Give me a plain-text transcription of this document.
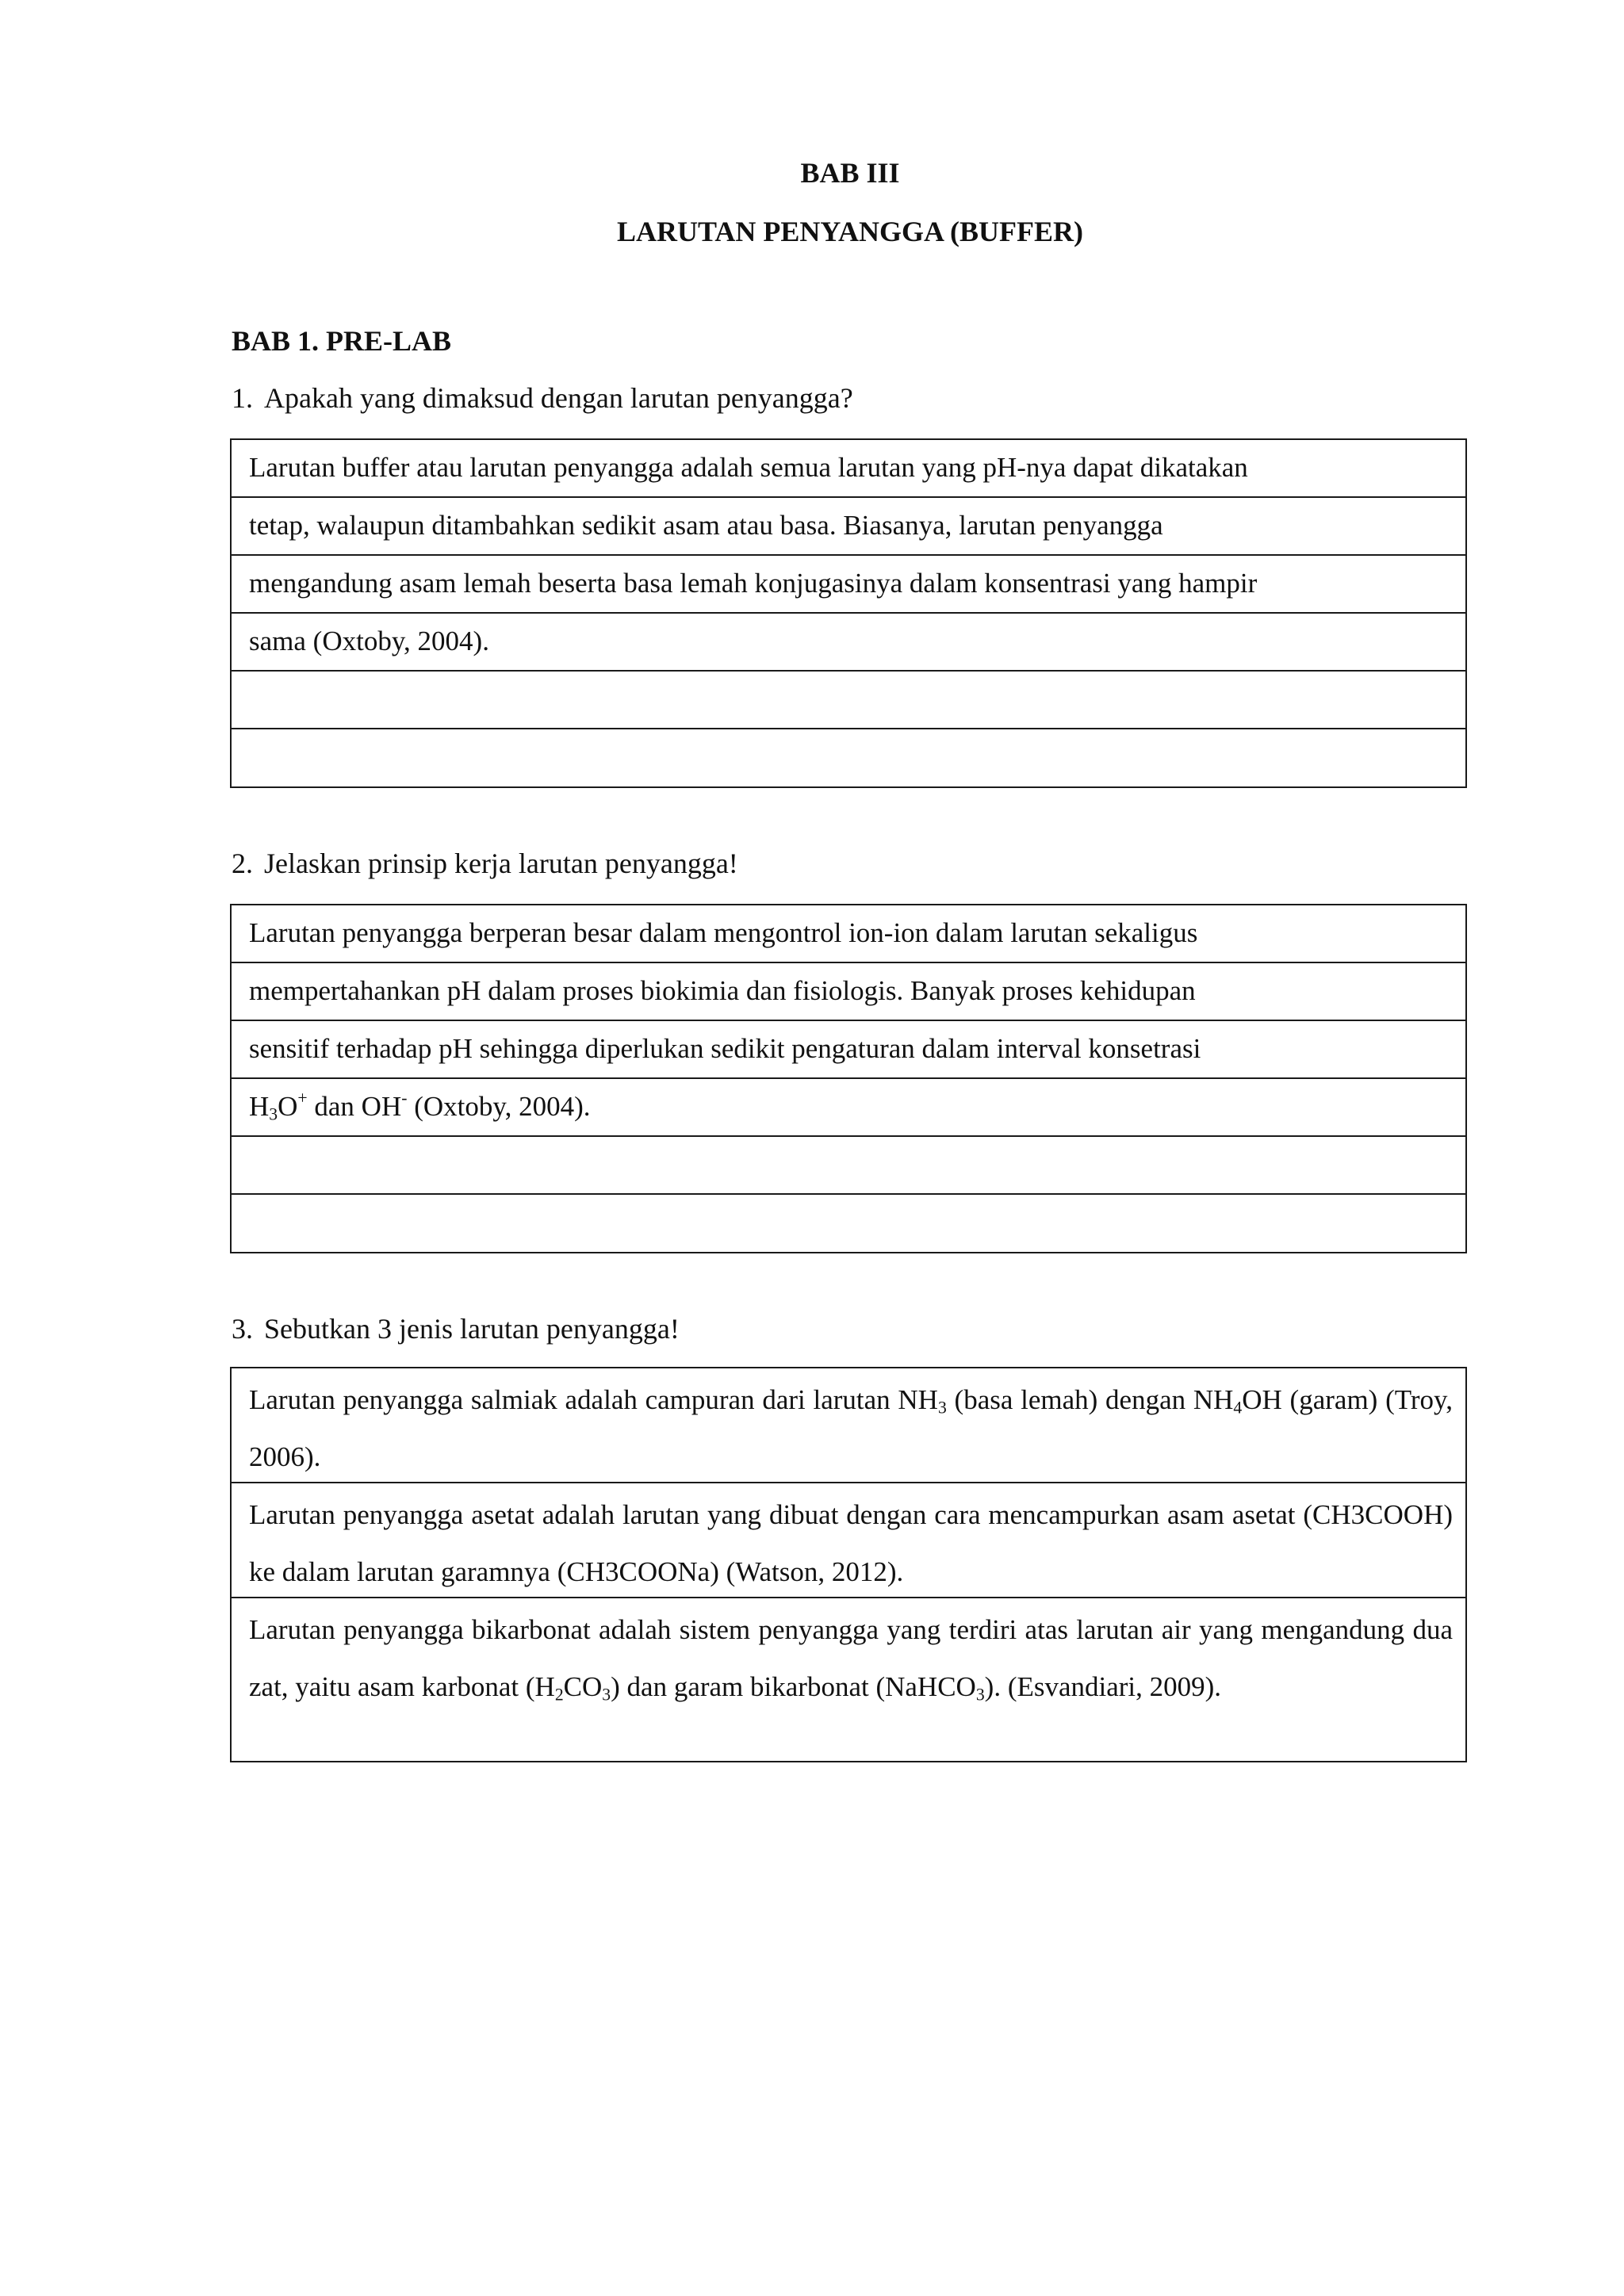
BAB III
LARUTAN PENYANGGA (BUFFER)
BAB 1. PRE-LAB
1. Apakah yang dimaksud dengan larutan penyangga?
Larutan buffer atau larutan penyangga adalah semua larutan yang pH-nya dapat dikatakan
tetap, walaupun ditambahkan sedikit asam atau basa. Biasanya, larutan penyangga
mengandung asam lemah beserta basa lemah konjugasinya dalam konsentrasi yang hampir
sama (Oxtoby, 2004).
2. Jelaskan prinsip kerja larutan penyangga!
Larutan penyangga berperan besar dalam mengontrol ion-ion dalam larutan sekaligus
mempertahankan pH dalam proses biokimia dan fisiologis. Banyak proses kehidupan
sensitif terhadap pH sehingga diperlukan sedikit pengaturan dalam interval konsetrasi
$H_3O^+$ dan OH- (Oxtoby, 2004).
3. Sebutkan 3 jenis larutan penyangga!
Larutan penyangga salmiak adalah campuran dari larutan $NH_3$ (basa lemah) dengan $NH_4OH$ (garam) (Troy, 2006).
Larutan penyangga asetat adalah larutan yang dibuat dengan cara mencampurkan asam asetat (CH3COOH) ke dalam larutan garamnya (CH3COONa) (Watson, 2012).
Larutan penyangga bikarbonat adalah sistem penyangga yang terdiri atas larutan air yang mengandung dua zat, yaitu asam karbonat $(H_2CO_3)$ dan garam bikarbonat (NaHCO$_3$). (Esvandiari, 2009).
